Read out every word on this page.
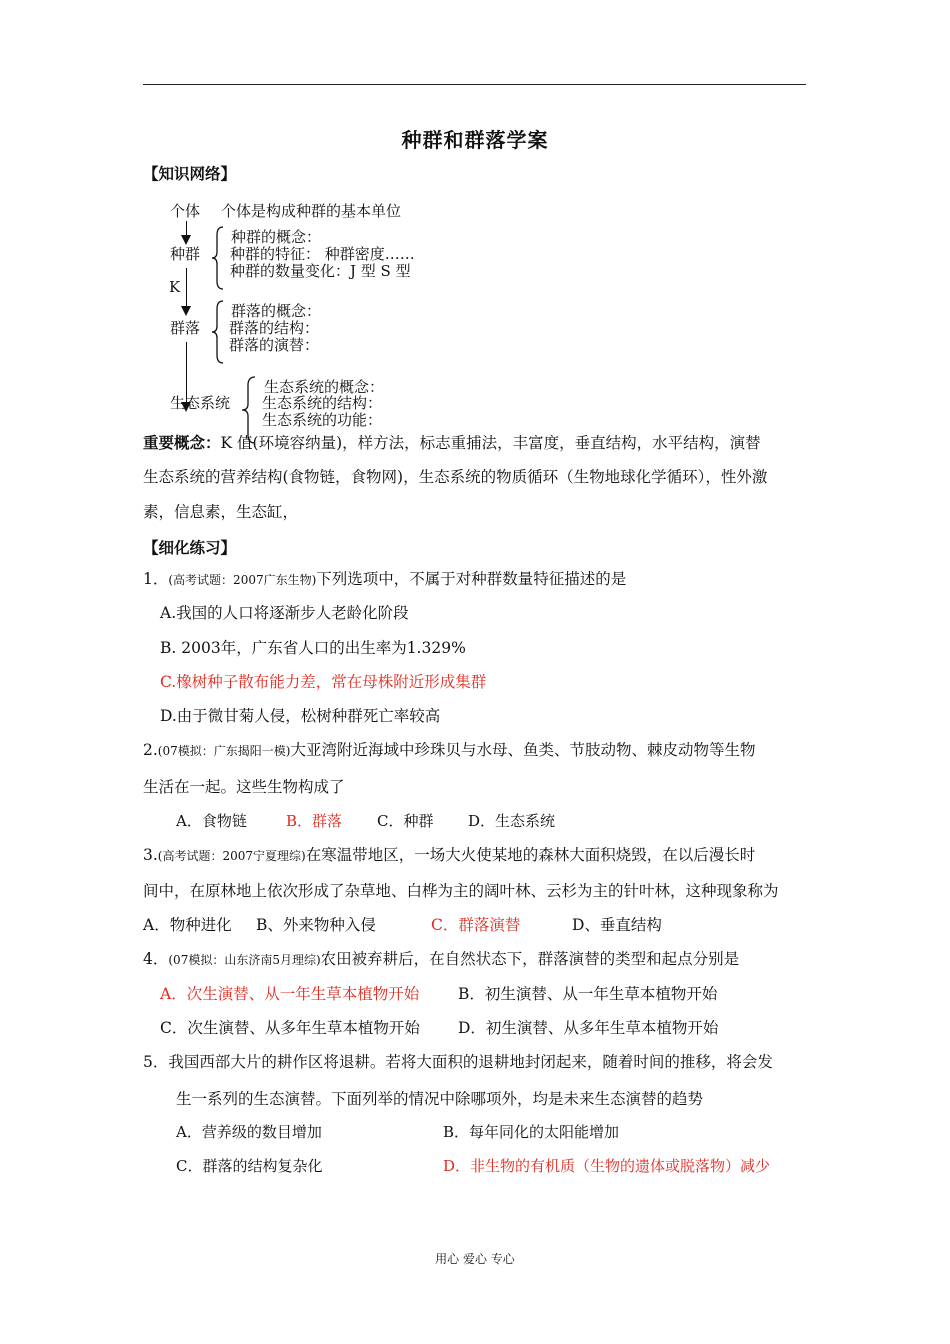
种群和群落学案
【知识网络】
个体 个体是构成种群的基本单位
种群
种群的概念：
种群的特征： 种群密度……
种群的数量变化：J 型 S 型
K
群落
群落的概念：
群落的结构：
群落的演替：
生态系统
生态系统的概念：
生态系统的结构：
生态系统的功能：
重要概念：K 值(环境容纳量)，样方法，标志重捕法，丰富度，垂直结构，水平结构，演替
生态系统的营养结构(食物链，食物网)，生态系统的物质循环（生物地球化学循环），性外激
素，信息素，生态缸，
【细化练习】
1．(高考试题：2007广东生物)下列选项中，不属于对种群数量特征描述的是
A.我国的人口将逐渐步人老龄化阶段
B. 2003年，广东省人口的出生率为1.329%
C.橡树种子散布能力差，常在母株附近形成集群
D.由于微甘菊人侵，松树种群死亡率较高
2.(07模拟：广东揭阳一模)大亚湾附近海域中珍珠贝与水母、鱼类、节肢动物、棘皮动物等生物
生活在一起。这些生物构成了
A．食物链	B．群落 C．种群 D．生态系统
3.(高考试题：2007宁夏理综)在寒温带地区，一场大火使某地的森林大面积烧毁，在以后漫长时
间中，在原林地上依次形成了杂草地、白桦为主的阔叶林、云杉为主的针叶林，这种现象称为
A．物种进化 B、外来物种入侵	C．群落演替	D、垂直结构
4．(07模拟：山东济南5月理综)农田被弃耕后，在自然状态下，群落演替的类型和起点分别是
A．次生演替、从一年生草本植物开始	B．初生演替、从一年生草本植物开始
C．次生演替、从多年生草本植物开始 D．初生演替、从多年生草本植物开始
5．我国西部大片的耕作区将退耕。若将大面积的退耕地封闭起来，随着时间的推移，将会发
生一系列的生态演替。下面列举的情况中除哪项外，均是未来生态演替的趋势
A．营养级的数目增加	B．每年同化的太阳能增加
C．群落的结构复杂化	D．非生物的有机质（生物的遗体或脱落物）减少
用心 爱心 专心
